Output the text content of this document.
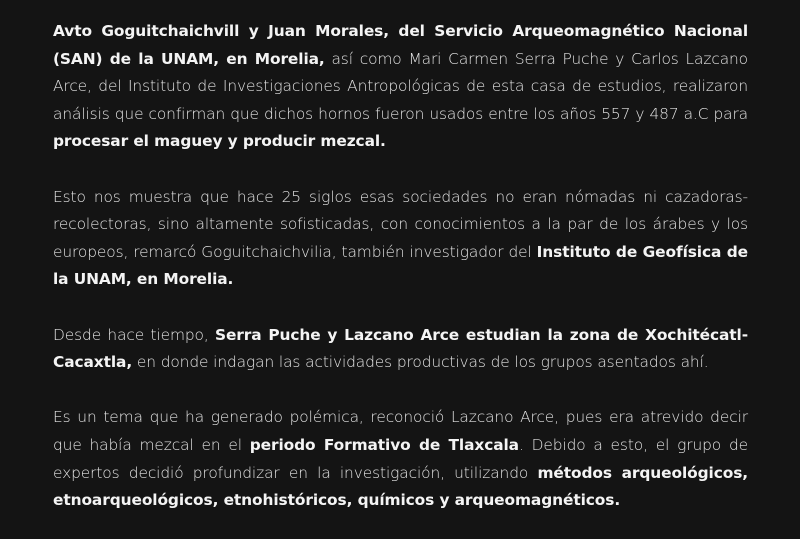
Avto Goguitchaichvill y Juan Morales, del Servicio Arqueomagnético Nacional (SAN) de la UNAM, en Morelia, así como Mari Carmen Serra Puche y Carlos Lazcano Arce, del Instituto de Investigaciones Antropológicas de esta casa de estudios, realizaron análisis que confirman que dichos hornos fueron usados entre los años 557 y 487 a.C para procesar el maguey y producir mezcal.

Esto nos muestra que hace 25 siglos esas sociedades no eran nómadas ni cazadoras-recolectoras, sino altamente sofisticadas, con conocimientos a la par de los árabes y los europeos, remarcó Goguitchaichvilia, también investigador del Instituto de Geofísica de la UNAM, en Morelia.

Desde hace tiempo, Serra Puche y Lazcano Arce estudian la zona de Xochitécatl-Cacaxtla, en donde indagan las actividades productivas de los grupos asentados ahí.

Es un tema que ha generado polémica, reconoció Lazcano Arce, pues era atrevido decir que había mezcal en el periodo Formativo de Tlaxcala. Debido a esto, el grupo de expertos decidió profundizar en la investigación, utilizando métodos arqueológicos, etnoarqueológicos, etnohistóricos, químicos y arqueomagnéticos.
